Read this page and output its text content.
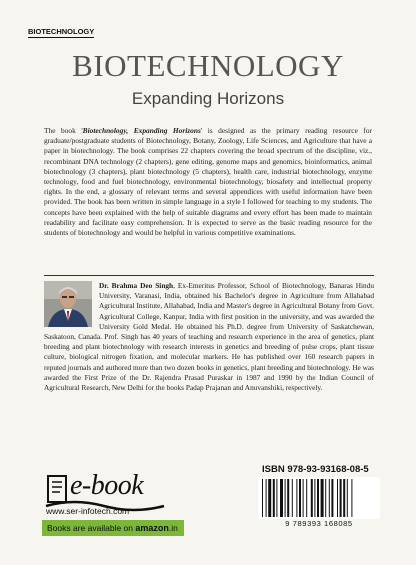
BIOTECHNOLOGY
BIOTECHNOLOGY
Expanding Horizons
The book 'Biotechnology, Expanding Horizons' is designed as the primary reading resource for graduate/postgraduate students of Biotechnology, Botany, Zoology, Life Sciences, and Agriculture that have a paper in biotechnology. The book comprises 22 chapters covering the broad spectrum of the discipline, viz., recombinant DNA technology (2 chapters), gene editing, genome maps and genomics, bioinformatics, animal biotechnology (3 chapters), plant biotechnology (5 chapters), health care, industrial biotechnology, enzyme technology, food and fuel biotechnology, environmental biotechnology, biosafety and intellectual property rights. In the end, a glossary of relevant terms and several appendices with useful information have been provided. The book has been written in simple language in a style I followed for teaching to my students. The concepts have been explained with the help of suitable diagrams and every effort has been made to maintain readability and facilitate easy comprehension. It is expected to serve as the basic reading resource for the students of biotechnology and would be helpful in various competitive examinations.
Dr. Brahma Deo Singh, Ex-Emeritus Professor, School of Biotechnology, Banaras Hindu University, Varanasi, India, obtained his Bachelor's degree in Agriculture from Allahabad Agricultural Institute, Allahabad, India and Master's degree in Agricultural Botany from Govt. Agricultural College, Kanpur, India with first position in the university, and was awarded the University Gold Medal. He obtained his Ph.D. degree from University of Saskatchewan, Saskatoon, Canada. Prof. Singh has 40 years of teaching and research experience in the area of genetics, plant breeding and plant biotechnology with research interests in genetics and breeding of pulse crops, plant tissue culture, biological nitrogen fixation, and molecular markers. He has published over 160 research papers in reputed journals and authored more than two dozen books in genetics, plant breeding and biotechnology. He was awarded the First Prize of the Dr. Rajendra Prasad Puraskar in 1987 and 1990 by the Indian Council of Agricultural Research, New Delhi for the books Padap Prajanan and Anuvanshiki, respectively.
e-book
www.ser-infotech.com
Books are available on amazon.in
ISBN 978-93-93168-08-5
9 789393 168085
